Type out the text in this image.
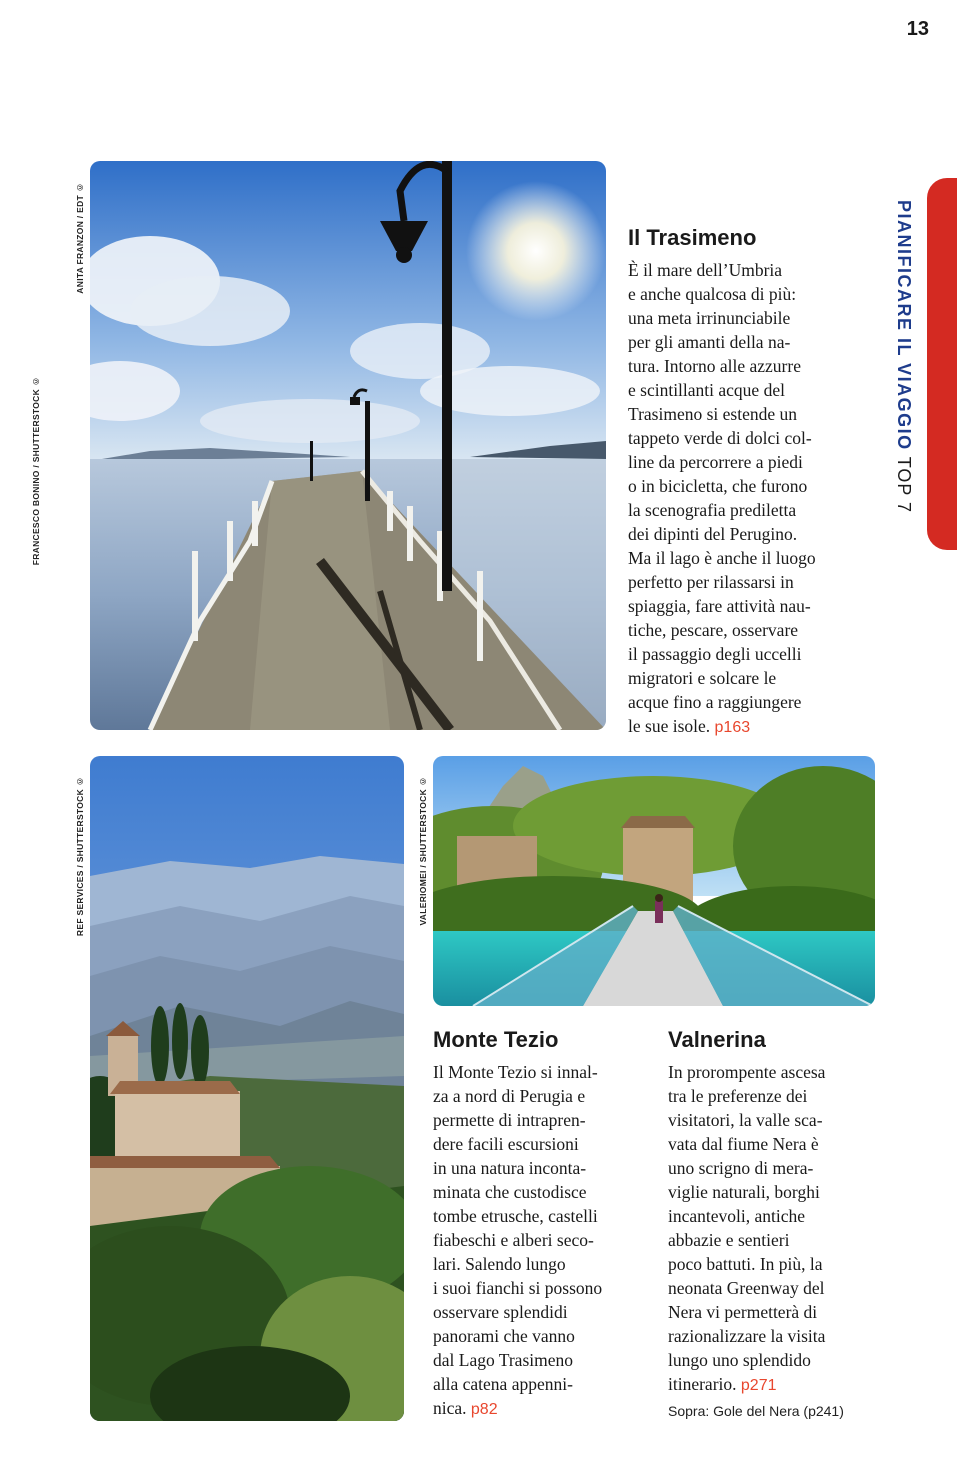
13
PIANIFICARE IL VIAGGIO TOP 7
ANITA FRANZON / EDT ©
FRANCESCO BONINO / SHUTTERSTOCK ©
REF SERVICES / SHUTTERSTOCK ©	VALERIOMEI / SHUTTERSTOCK ©
Il Trasimeno

È il mare dell’Umbria
e anche qualcosa di più:
una meta irrinunciabile
per gli amanti della na-
tura. Intorno alle azzurre
e scintillanti acque del
Trasimeno si estende un
tappeto verde di dolci col-
line da percorrere a piedi
o in bicicletta, che furono
la scenografia prediletta
dei dipinti del Perugino.
Ma il lago è anche il luogo
perfetto per rilassarsi in
spiaggia, fare attività nau-
tiche, pescare, osservare
il passaggio degli uccelli
migratori e solcare le
acque fino a raggiungere
le sue isole. p163

Monte Tezio

Il Monte Tezio si innal-
za a nord di Perugia e
permette di intrapren-
dere facili escursioni
in una natura inconta-
minata che custodisce
tombe etrusche, castelli
fiabeschi e alberi seco-
lari. Salendo lungo
i suoi fianchi si possono
osservare splendidi
panorami che vanno
dal Lago Trasimeno
alla catena appenni-
nica. p82

Valnerina

In prorompente ascesa
tra le preferenze dei
visitatori, la valle sca-
vata dal fiume Nera è
uno scrigno di mera-
viglie naturali, borghi
incantevoli, antiche
abbazie e sentieri
poco battuti. In più, la
neonata Greenway del
Nera vi permetterà di
razionalizzare la visita
lungo uno splendido
itinerario. p271

Sopra: Gole del Nera (p241)
